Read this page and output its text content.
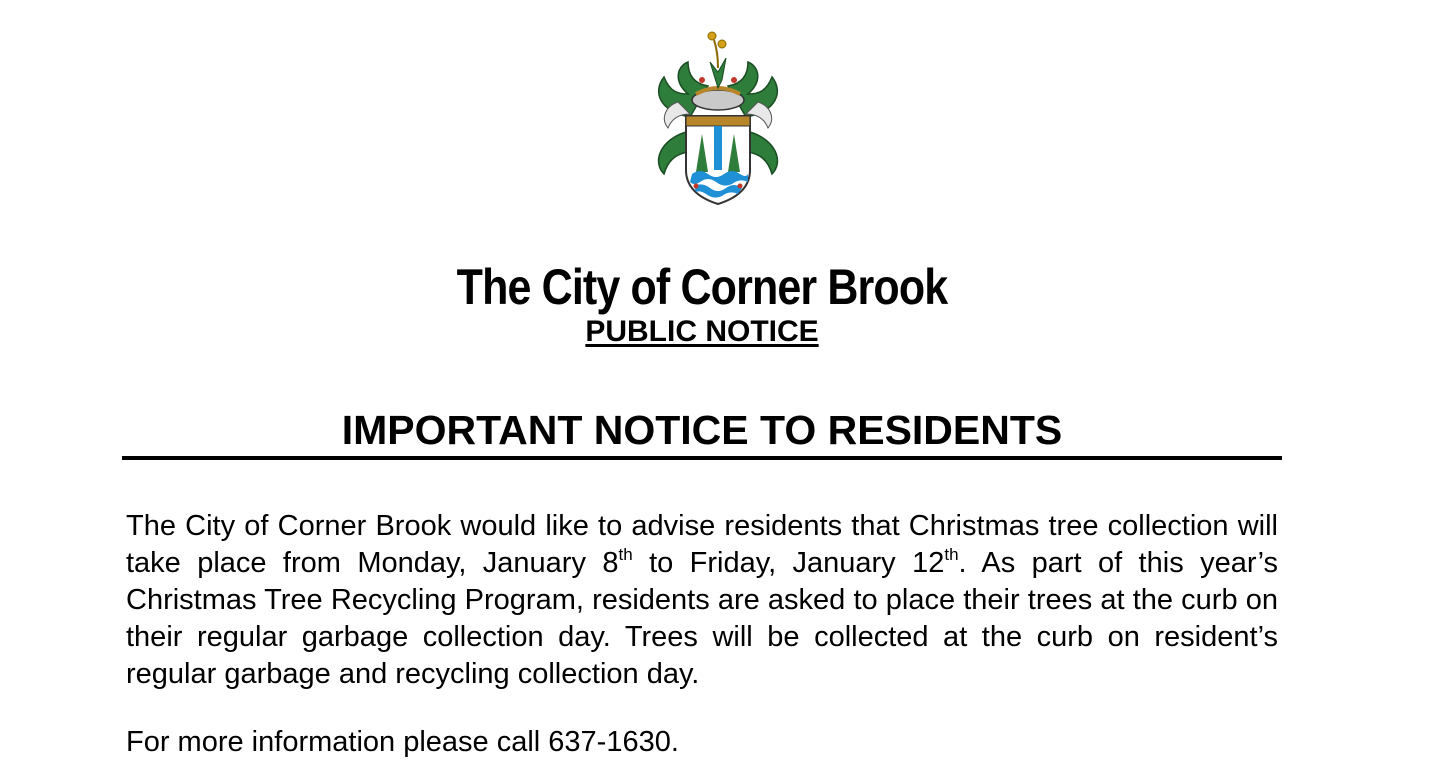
The City of Corner Brook
PUBLIC NOTICE
IMPORTANT NOTICE TO RESIDENTS

The City of Corner Brook would like to advise residents that Christmas tree collection will take place from Monday, January 8th to Friday, January 12th. As part of this year’s Christmas Tree Recycling Program, residents are asked to place their trees at the curb on their regular garbage collection day. Trees will be collected at the curb on resident’s regular garbage and recycling collection day.

For more information please call 637-1630.
